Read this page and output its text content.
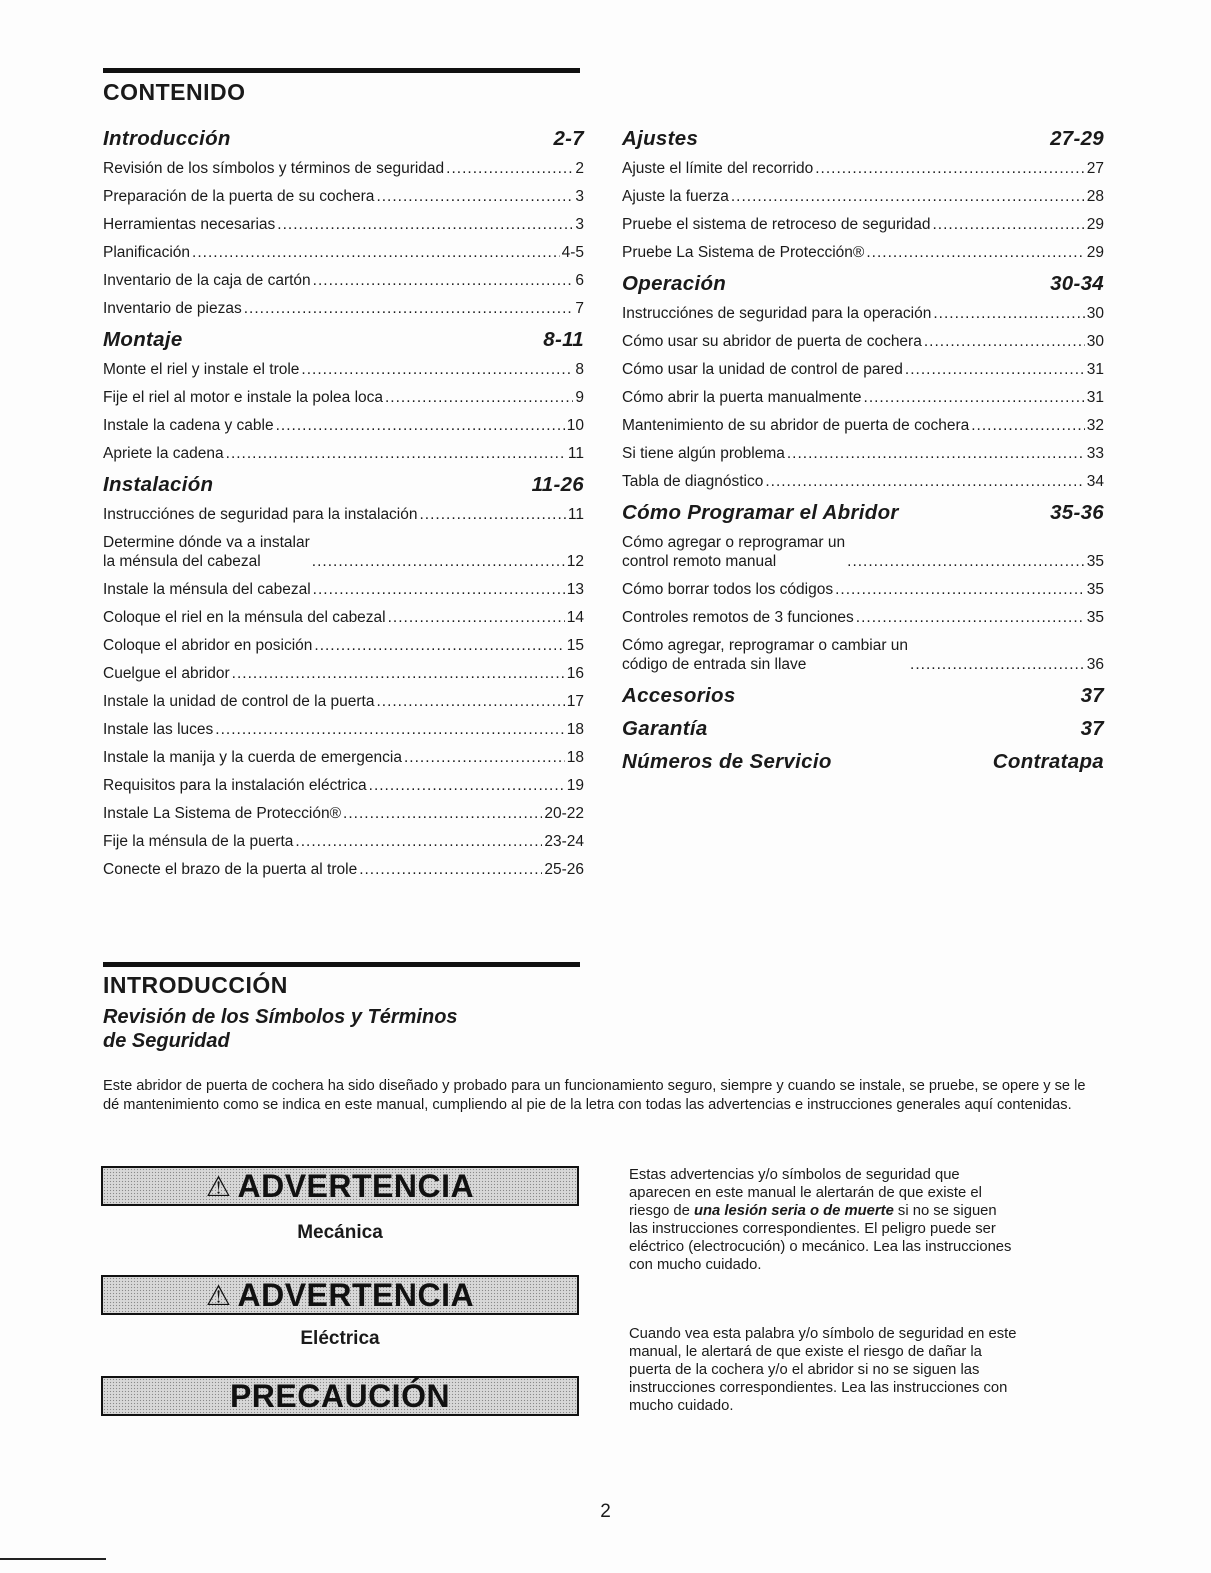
CONTENIDO
Introducción	2-7
Revisión de los símbolos y términos de seguridad .....	2
Preparación de la puerta de su cochera .....	3
Herramientas necesarias .....	3
Planificación .....	4-5
Inventario de la caja de cartón .....	6
Inventario de piezas .....	7
Montaje	8-11
Monte el riel y instale el trole .....	8
Fije el riel al motor e instale la polea loca .....	9
Instale la cadena y cable .....	10
Apriete la cadena .....	11
Instalación	11-26
Instrucciónes de seguridad para la instalación .....	11
Determine dónde va a instalar
la ménsula del cabezal .....	12
Instale la ménsula del cabezal .....	13
Coloque el riel en la ménsula del cabezal .....	14
Coloque el abridor en posición .....	15
Cuelgue el abridor .....	16
Instale la unidad de control de la puerta .....	17
Instale las luces .....	18
Instale la manija y la cuerda de emergencia .....	18
Requisitos para la instalación eléctrica .....	19
Instale La Sistema de Protección® .....	20-22
Fije la ménsula de la puerta .....	23-24
Conecte el brazo de la puerta al trole .....	25-26
Ajustes	27-29
Ajuste el límite del recorrido .....	27
Ajuste la fuerza .....	28
Pruebe el sistema de retroceso de seguridad .....	29
Pruebe La Sistema de Protección® .....	29
Operación	30-34
Instrucciónes de seguridad para la operación .....	30
Cómo usar su abridor de puerta de cochera .....	30
Cómo usar la unidad de control de pared .....	31
Cómo abrir la puerta manualmente .....	31
Mantenimiento de su abridor de puerta de cochera .....	32
Si tiene algún problema .....	33
Tabla de diagnóstico .....	34
Cómo Programar el Abridor	35-36
Cómo agregar o reprogramar un
control remoto manual .....	35
Cómo borrar todos los códigos .....	35
Controles remotos de 3 funciones .....	35
Cómo agregar, reprogramar o cambiar un
código de entrada sin llave .....	36
Accesorios	37
Garantía	37
Números de Servicio	Contratapa
INTRODUCCIÓN
Revisión de los Símbolos y Términos
de Seguridad

Este abridor de puerta de cochera ha sido diseñado y probado para un funcionamiento seguro, siempre y cuando se instale, se pruebe, se opere y se le dé mantenimiento como se indica en este manual, cumpliendo al pie de la letra con todas las advertencias e instrucciones generales aquí contenidas.

⚠ ADVERTENCIA

Mecánica

⚠ ADVERTENCIA

Eléctrica

PRECAUCIÓN

Estas advertencias y/o símbolos de seguridad que
aparecen en este manual le alertarán de que existe el
riesgo de una lesión seria o de muerte si no se siguen
las instrucciones correspondientes. El peligro puede ser
eléctrico (electrocución) o mecánico. Lea las instrucciones
con mucho cuidado.

Cuando vea esta palabra y/o símbolo de seguridad en este
manual, le alertará de que existe el riesgo de dañar la
puerta de la cochera y/o el abridor si no se siguen las
instrucciones correspondientes. Lea las instrucciones con
mucho cuidado.

2
